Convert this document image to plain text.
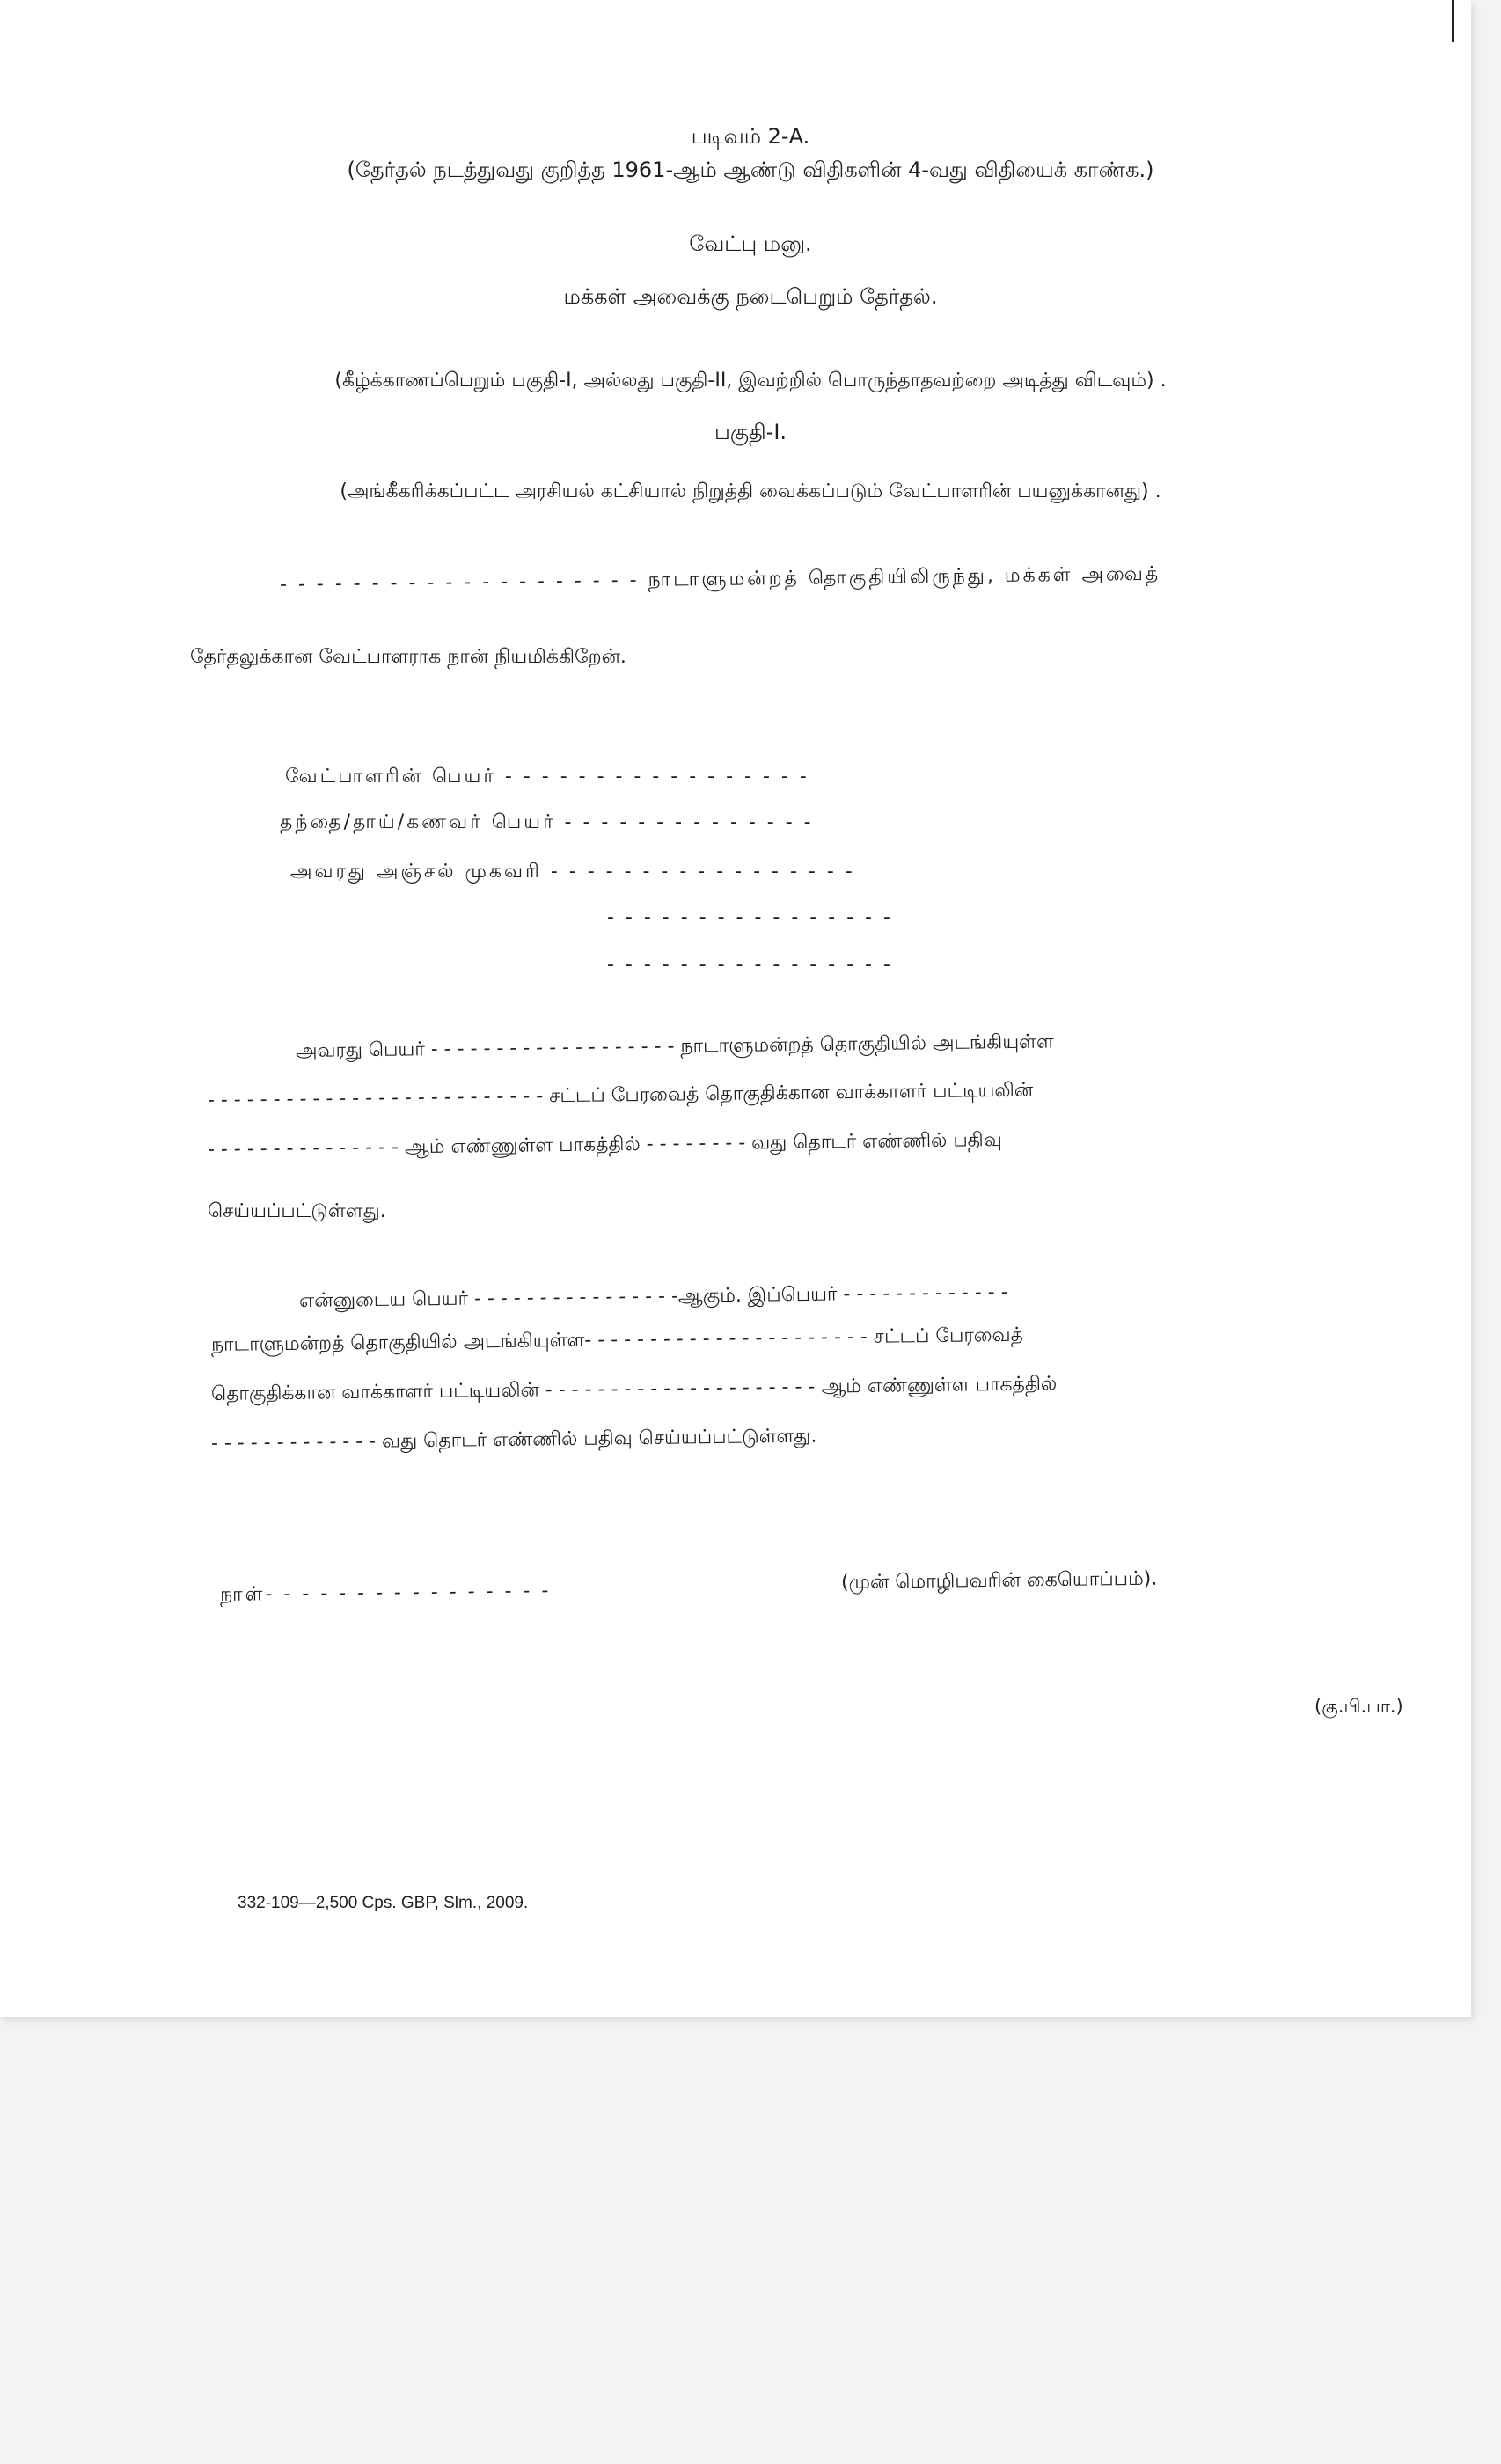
படிவம் 2-A.
(தேர்தல் நடத்துவது குறித்த 1961-ஆம் ஆண்டு விதிகளின் 4-வது விதியைக் காண்க.)
வேட்பு மனு.
மக்கள் அவைக்கு நடைபெறும் தேர்தல்.
(கீழ்க்காணப்பெறும் பகுதி-I, அல்லது பகுதி-II, இவற்றில் பொருந்தாதவற்றை அடித்து விடவும்) .
பகுதி-I.
(அங்கீகரிக்கப்பட்ட அரசியல் கட்சியால் நிறுத்தி வைக்கப்படும் வேட்பாளரின் பயனுக்கானது) .
- - - - - - - - - - - - - - - - - - - - நாடாளுமன்றத் தொகுதியிலிருந்து, மக்கள் அவைத்
தேர்தலுக்கான வேட்பாளராக நான் நியமிக்கிறேன்.
வேட்பாளரின் பெயர் - - - - - - - - - - - - - - - - -
தந்தை/தாய்/கணவர் பெயர் - - - - - - - - - - - - - -
அவரது அஞ்சல் முகவரி - - - - - - - - - - - - - - - - -
- - - - - - - - - - - - - - - -
- - - - - - - - - - - - - - - -
அவரது பெயர் - - - - - - - - - - - - - - - - - - - நாடாளுமன்றத் தொகுதியில் அடங்கியுள்ள
- - - - - - - - - - - - - - - - - - - - - - - - - - சட்டப் பேரவைத் தொகுதிக்கான வாக்காளர் பட்டியலின்
- - - - - - - - - - - - - - - ஆம் எண்ணுள்ள பாகத்தில் - - - - - - - - வது தொடர் எண்ணில் பதிவு
செய்யப்பட்டுள்ளது.
என்னுடைய பெயர் - - - - - - - - - - - - - - - -ஆகும். இப்பெயர் - - - - - - - - - - - - -
நாடாளுமன்றத் தொகுதியில் அடங்கியுள்ள- - - - - - - - - - - - - - - - - - - - - - சட்டப் பேரவைத்
தொகுதிக்கான வாக்காளர் பட்டியலின் - - - - - - - - - - - - - - - - - - - - - ஆம் எண்ணுள்ள பாகத்தில்
- - - - - - - - - - - - - வது தொடர் எண்ணில் பதிவு செய்யப்பட்டுள்ளது.
நாள்- - - - - - - - - - - - - - - -	(முன் மொழிபவரின் கையொப்பம்).
(கு.பி.பா.)
332-109—2,500 Cps. GBP, Slm., 2009.
